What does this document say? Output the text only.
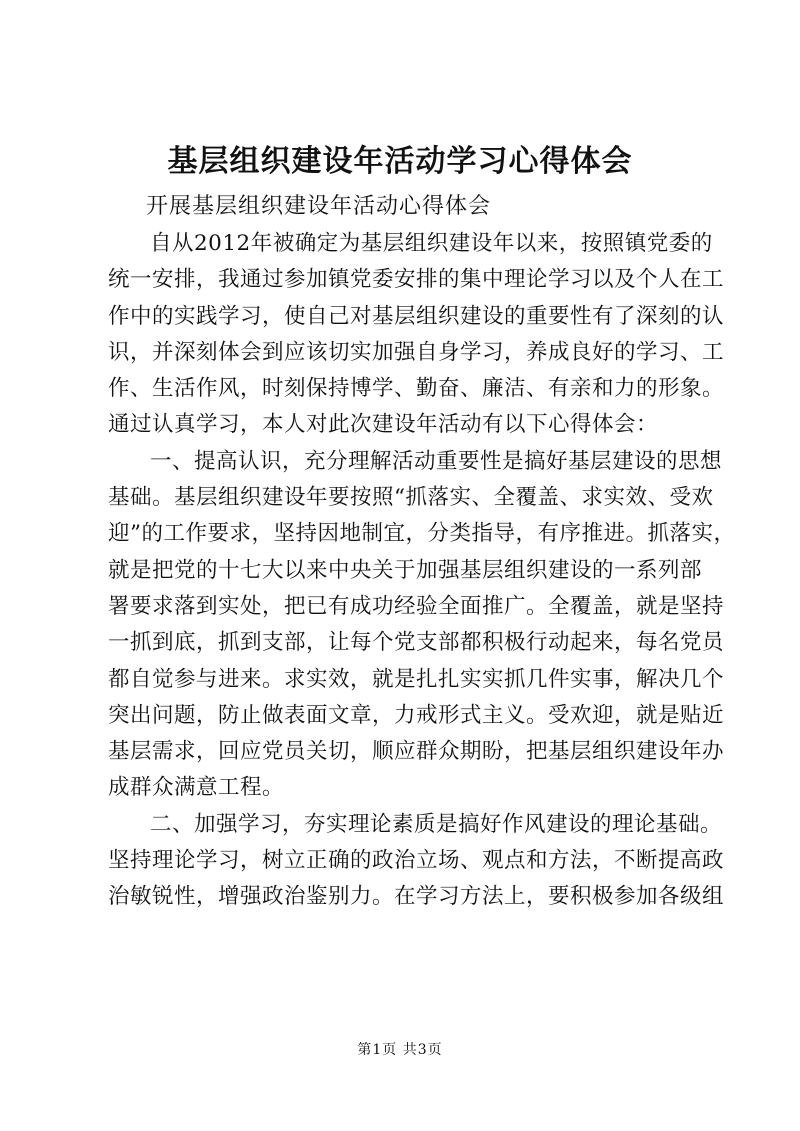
基层组织建设年活动学习心得体会
开展基层组织建设年活动心得体会

自从2012年被确定为基层组织建设年以来，按照镇党委的
统一安排，我通过参加镇党委安排的集中理论学习以及个人在工
作中的实践学习，使自己对基层组织建设的重要性有了深刻的认
识，并深刻体会到应该切实加强自身学习，养成良好的学习、工
作、生活作风，时刻保持博学、勤奋、廉洁、有亲和力的形象。
通过认真学习，本人对此次建设年活动有以下心得体会：

一、提高认识，充分理解活动重要性是搞好基层建设的思想
基础。基层组织建设年要按照“抓落实、全覆盖、求实效、受欢
迎”的工作要求，坚持因地制宜，分类指导，有序推进。抓落实，
就是把党的十七大以来中央关于加强基层组织建设的一系列部
署要求落到实处，把已有成功经验全面推广。全覆盖，就是坚持
一抓到底，抓到支部，让每个党支部都积极行动起来，每名党员
都自觉参与进来。求实效，就是扎扎实实抓几件实事，解决几个
突出问题，防止做表面文章，力戒形式主义。受欢迎，就是贴近
基层需求，回应党员关切，顺应群众期盼，把基层组织建设年办
成群众满意工程。

二、加强学习，夯实理论素质是搞好作风建设的理论基础。
坚持理论学习，树立正确的政治立场、观点和方法，不断提高政
治敏锐性，增强政治鉴别力。在学习方法上，要积极参加各级组

第1页 共3页
